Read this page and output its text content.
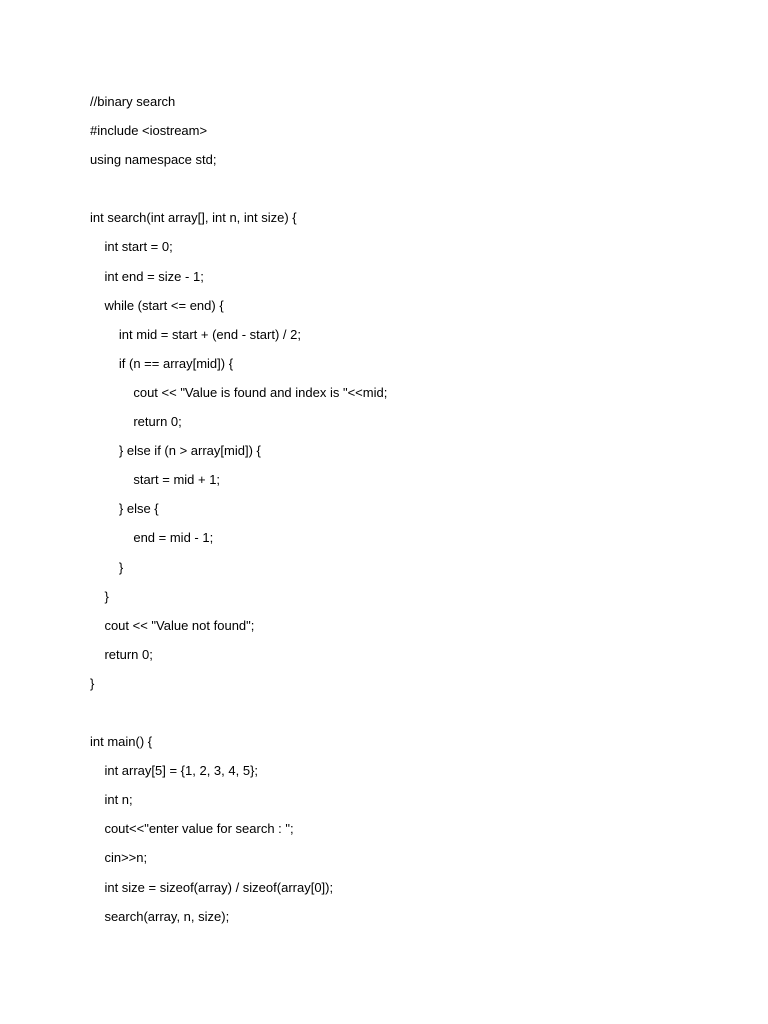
//binary search
#include <iostream>
using namespace std;
int search(int array[], int n, int size) {
int start = 0;
int end = size - 1;
while (start <= end) {
int mid = start + (end - start) / 2;
if (n == array[mid]) {
cout << "Value is found and index is "<<mid;
return 0;
} else if (n > array[mid]) {
start = mid + 1;
} else {
end = mid - 1;
}
}
cout << "Value not found";
return 0;
}
int main() {
int array[5] = {1, 2, 3, 4, 5};
int n;
cout<<"enter value for search : ";
cin>>n;
int size = sizeof(array) / sizeof(array[0]);
search(array, n, size);
